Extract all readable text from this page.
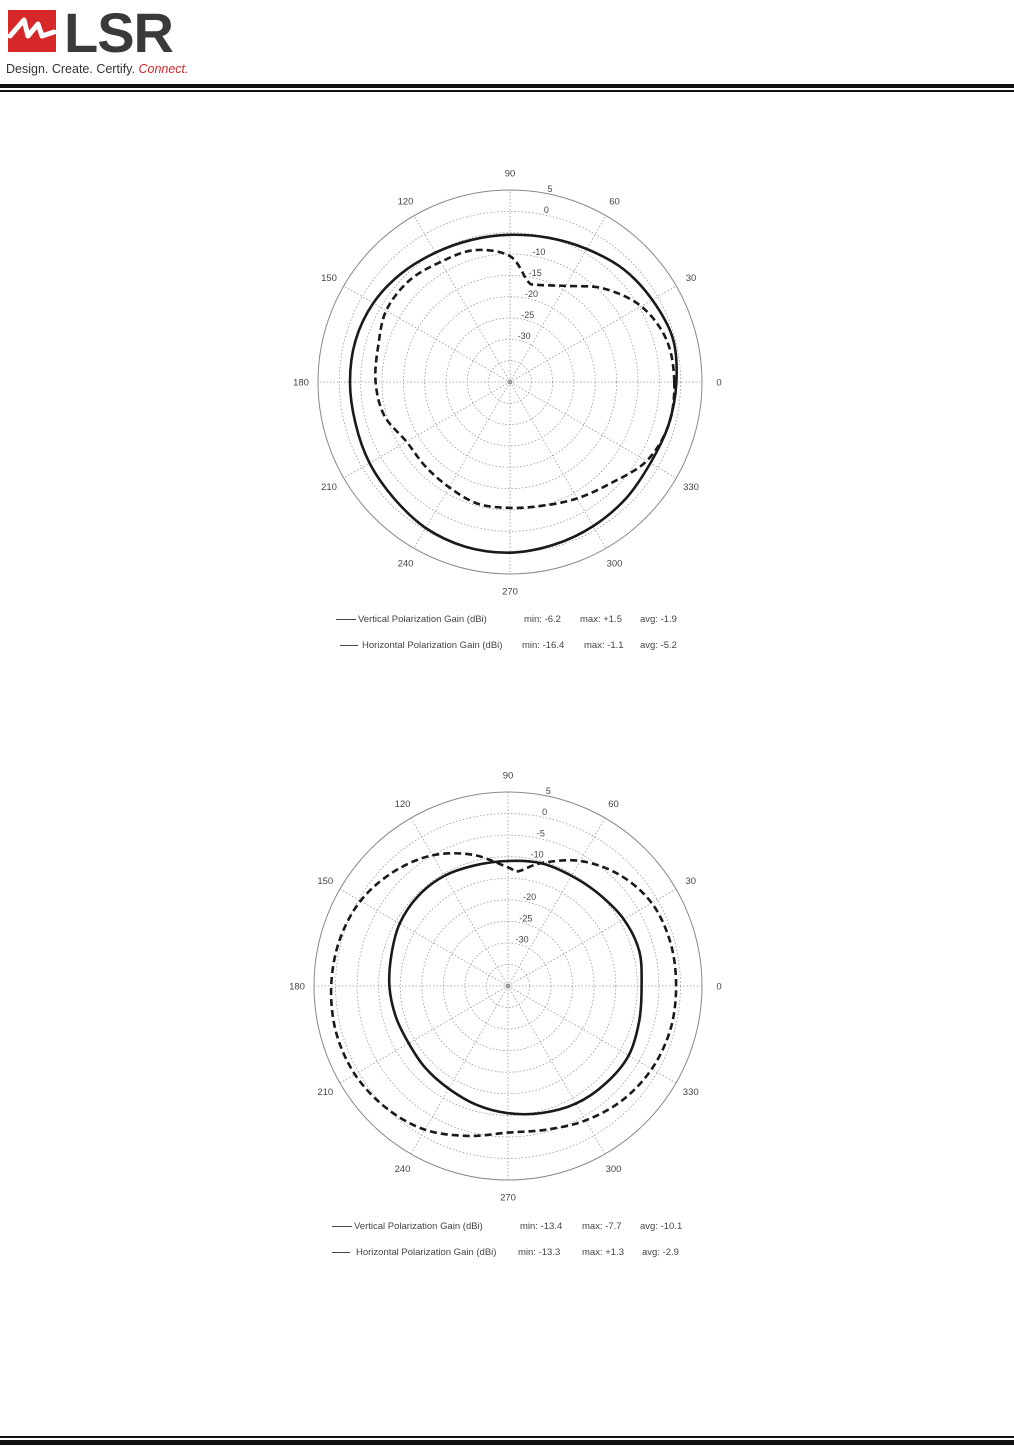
LSR
Design. Create. Certify. Connect.
0
30
60
90
120
150
180
210
240
270
300
330
5
0
-10
-15
-20
-25
-30
Vertical Polarization Gain (dBi)	min: -6.2 max: +1.5 avg: -1.9
Horizontal Polarization Gain (dBi) min: -16.4 max: -1.1 avg: -5.2
0
30
60
90
120
150
180
210
240
270
300
330
5
0
-5
-10
-20
-25
-30
Vertical Polarization Gain (dBi)	min: -13.4 max: -7.7 avg: -10.1
Horizontal Polarization Gain (dBi) min: -13.3 max: +1.3 avg: -2.9
